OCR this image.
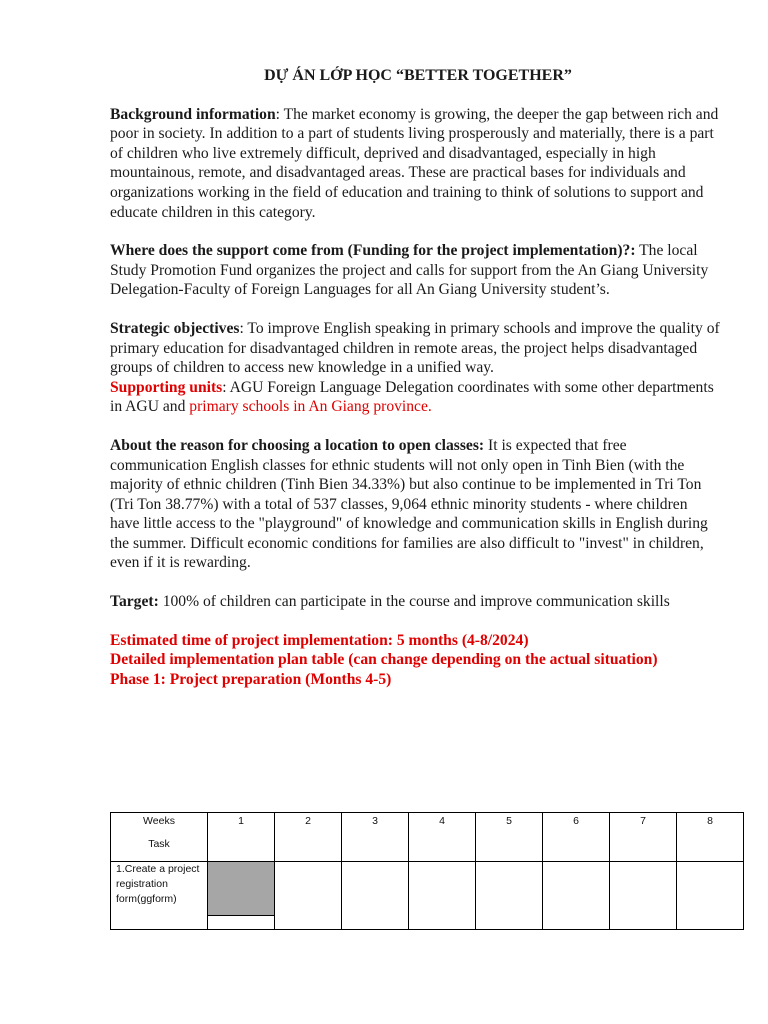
DỰ ÁN LỚP HỌC “BETTER TOGETHER”

Background information: The market economy is growing, the deeper the gap between rich and poor in society. In addition to a part of students living prosperously and materially, there is a part of children who live extremely difficult, deprived and disadvantaged, especially in high mountainous, remote, and disadvantaged areas. These are practical bases for individuals and organizations working in the field of education and training to think of solutions to support and educate children in this category.

Where does the support come from (Funding for the project implementation)?: The local Study Promotion Fund organizes the project and calls for support from the An Giang University Delegation-Faculty of Foreign Languages for all An Giang University student’s.

Strategic objectives: To improve English speaking in primary schools and improve the quality of primary education for disadvantaged children in remote areas, the project helps disadvantaged groups of children to access new knowledge in a unified way.

Supporting units: AGU Foreign Language Delegation coordinates with some other departments in AGU and primary schools in An Giang province.

About the reason for choosing a location to open classes: It is expected that free communication English classes for ethnic students will not only open in Tinh Bien (with the majority of ethnic children (Tinh Bien 34.33%) but also continue to be implemented in Tri Ton (Tri Ton 38.77%) with a total of 537 classes, 9,064 ethnic minority students - where children have little access to the "playground" of knowledge and communication skills in English during the summer. Difficult economic conditions for families are also difficult to "invest" in children, even if it is rewarding.

Target: 100% of children can participate in the course and improve communication skills

Estimated time of project implementation: 5 months (4-8/2024)

Detailed implementation plan table (can change depending on the actual situation)

Phase 1: Project preparation (Months 4-5)

Weeks
Task	1	2	3	4	5	6	7	8
1.Create a project registration form(ggform)	
